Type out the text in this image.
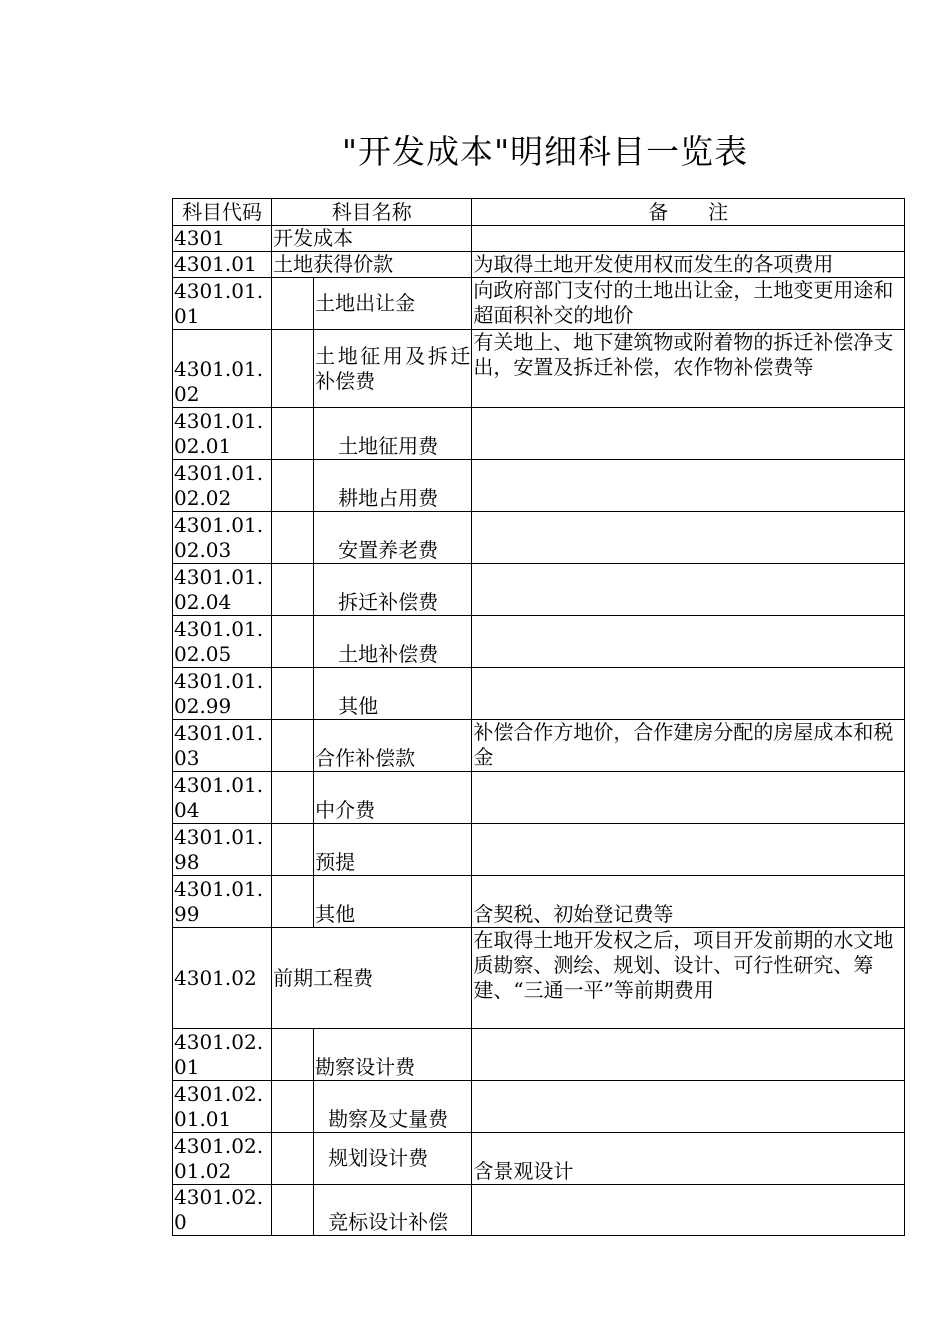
"开发成本"明细科目一览表
科目代码	科目名称		备　　注
4301	开发成本		
4301.01	土地获得价款		为取得土地开发使用权而发生的各项费用
4301.01.01		土地出让金	向政府部门支付的土地出让金，土地变更用途和超面积补交的地价
4301.01.02		土地征用及拆迁补偿费	有关地上、地下建筑物或附着物的拆迁补偿净支出，安置及拆迁补偿，农作物补偿费等
4301.01.02.01		土地征用费	
4301.01.02.02		耕地占用费	
4301.01.02.03		安置养老费	
4301.01.02.04		拆迁补偿费	
4301.01.02.05		土地补偿费	
4301.01.02.99		其他	
4301.01.03		合作补偿款	补偿合作方地价，合作建房分配的房屋成本和税金
4301.01.04		中介费	
4301.01.98		预提	
4301.01.99		其他	含契税、初始登记费等
4301.02	前期工程费		在取得土地开发权之后，项目开发前期的水文地质勘察、测绘、规划、设计、可行性研究、筹建、“三通一平”等前期费用
4301.02.01		勘察设计费	
4301.02.01.01		勘察及丈量费	
4301.02.01.02		规划设计费	含景观设计
4301.02.0		竞标设计补偿	
